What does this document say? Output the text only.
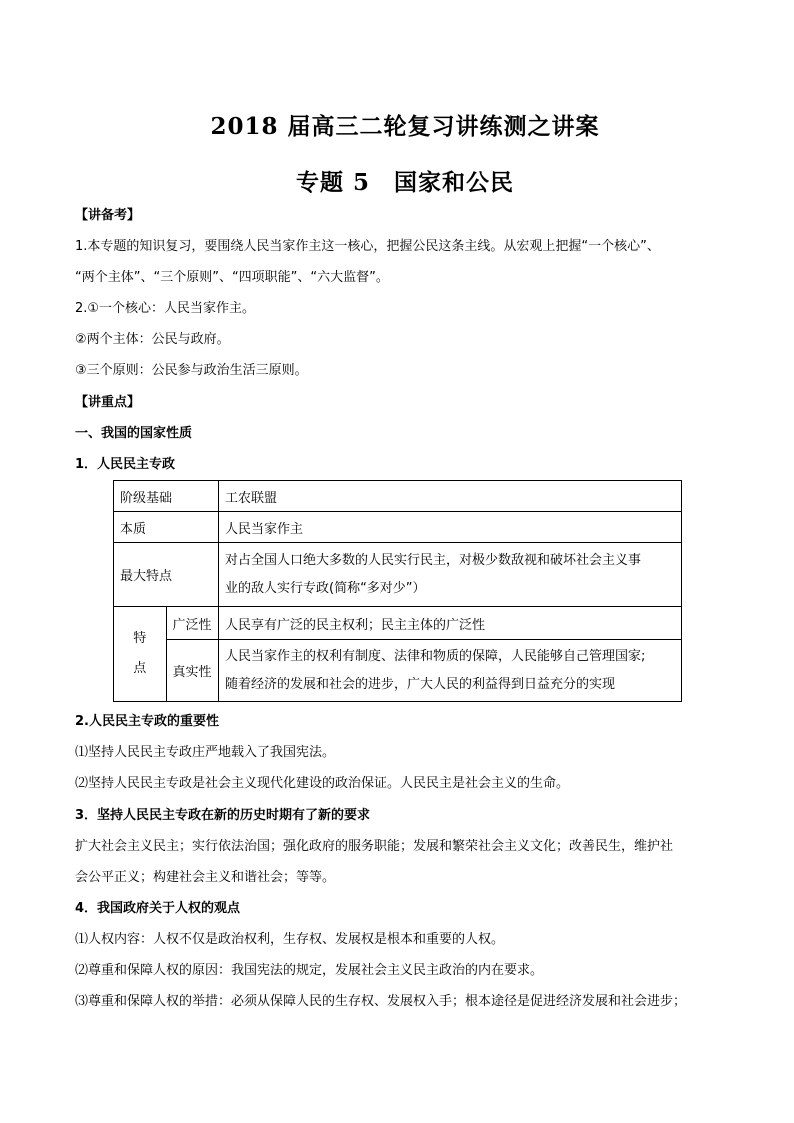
2018 届高三二轮复习讲练测之讲案
专题 5　国家和公民
【讲备考】
1.本专题的知识复习，要围绕人民当家作主这一核心，把握公民这条主线。从宏观上把握“一个核心”、
“两个主体”、“三个原则”、“四项职能”、“六大监督”。
2.①一个核心：人民当家作主。
②两个主体：公民与政府。
③三个原则：公民参与政治生活三原则。
【讲重点】
一、我国的国家性质
1．人民民主专政
阶级基础		工农联盟
本质		人民当家作主
最大特点		对占全国人口绝大多数的人民实行民主，对极少数敌视和破坏社会主义事
业的敌人实行专政(简称“多对少”）

特
点	广泛性	人民享有广泛的民主权利；民主主体的广泛性
	真实性	人民当家作主的权利有制度、法律和物质的保障，人民能够自己管理国家;
随着经济的发展和社会的进步，广大人民的利益得到日益充分的实现
2.人民民主专政的重要性
⑴坚持人民民主专政庄严地载入了我国宪法。
⑵坚持人民民主专政是社会主义现代化建设的政治保证。人民民主是社会主义的生命。
3．坚持人民民主专政在新的历史时期有了新的要求
扩大社会主义民主；实行依法治国；强化政府的服务职能；发展和繁荣社会主义文化；改善民生，维护社
会公平正义；构建社会主义和谐社会；等等。
4．我国政府关于人权的观点
⑴人权内容：人权不仅是政治权利，生存权、发展权是根本和重要的人权。
⑵尊重和保障人权的原因：我国宪法的规定，发展社会主义民主政治的内在要求。
⑶尊重和保障人权的举措：必须从保障人民的生存权、发展权入手；根本途径是促进经济发展和社会进步；
